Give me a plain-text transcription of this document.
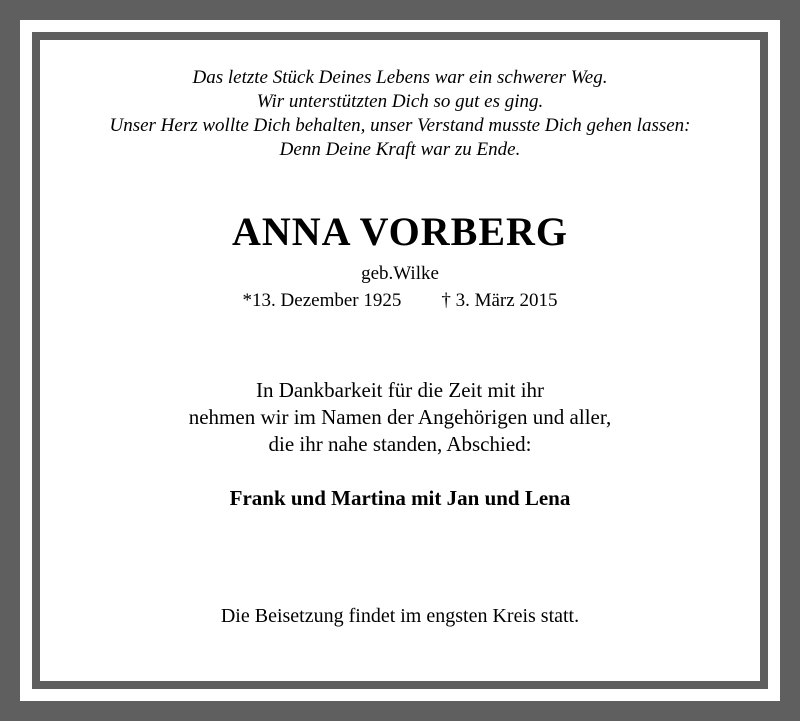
Das letzte Stück Deines Lebens war ein schwerer Weg.
Wir unterstützten Dich so gut es ging.
Unser Herz wollte Dich behalten, unser Verstand musste Dich gehen lassen:
Denn Deine Kraft war zu Ende.
ANNA VORBERG
geb.Wilke
*13. Dezember 1925 † 3. März 2015
In Dankbarkeit für die Zeit mit ihr
nehmen wir im Namen der Angehörigen und aller,
die ihr nahe standen, Abschied:
Frank und Martina mit Jan und Lena
Die Beisetzung findet im engsten Kreis statt.
